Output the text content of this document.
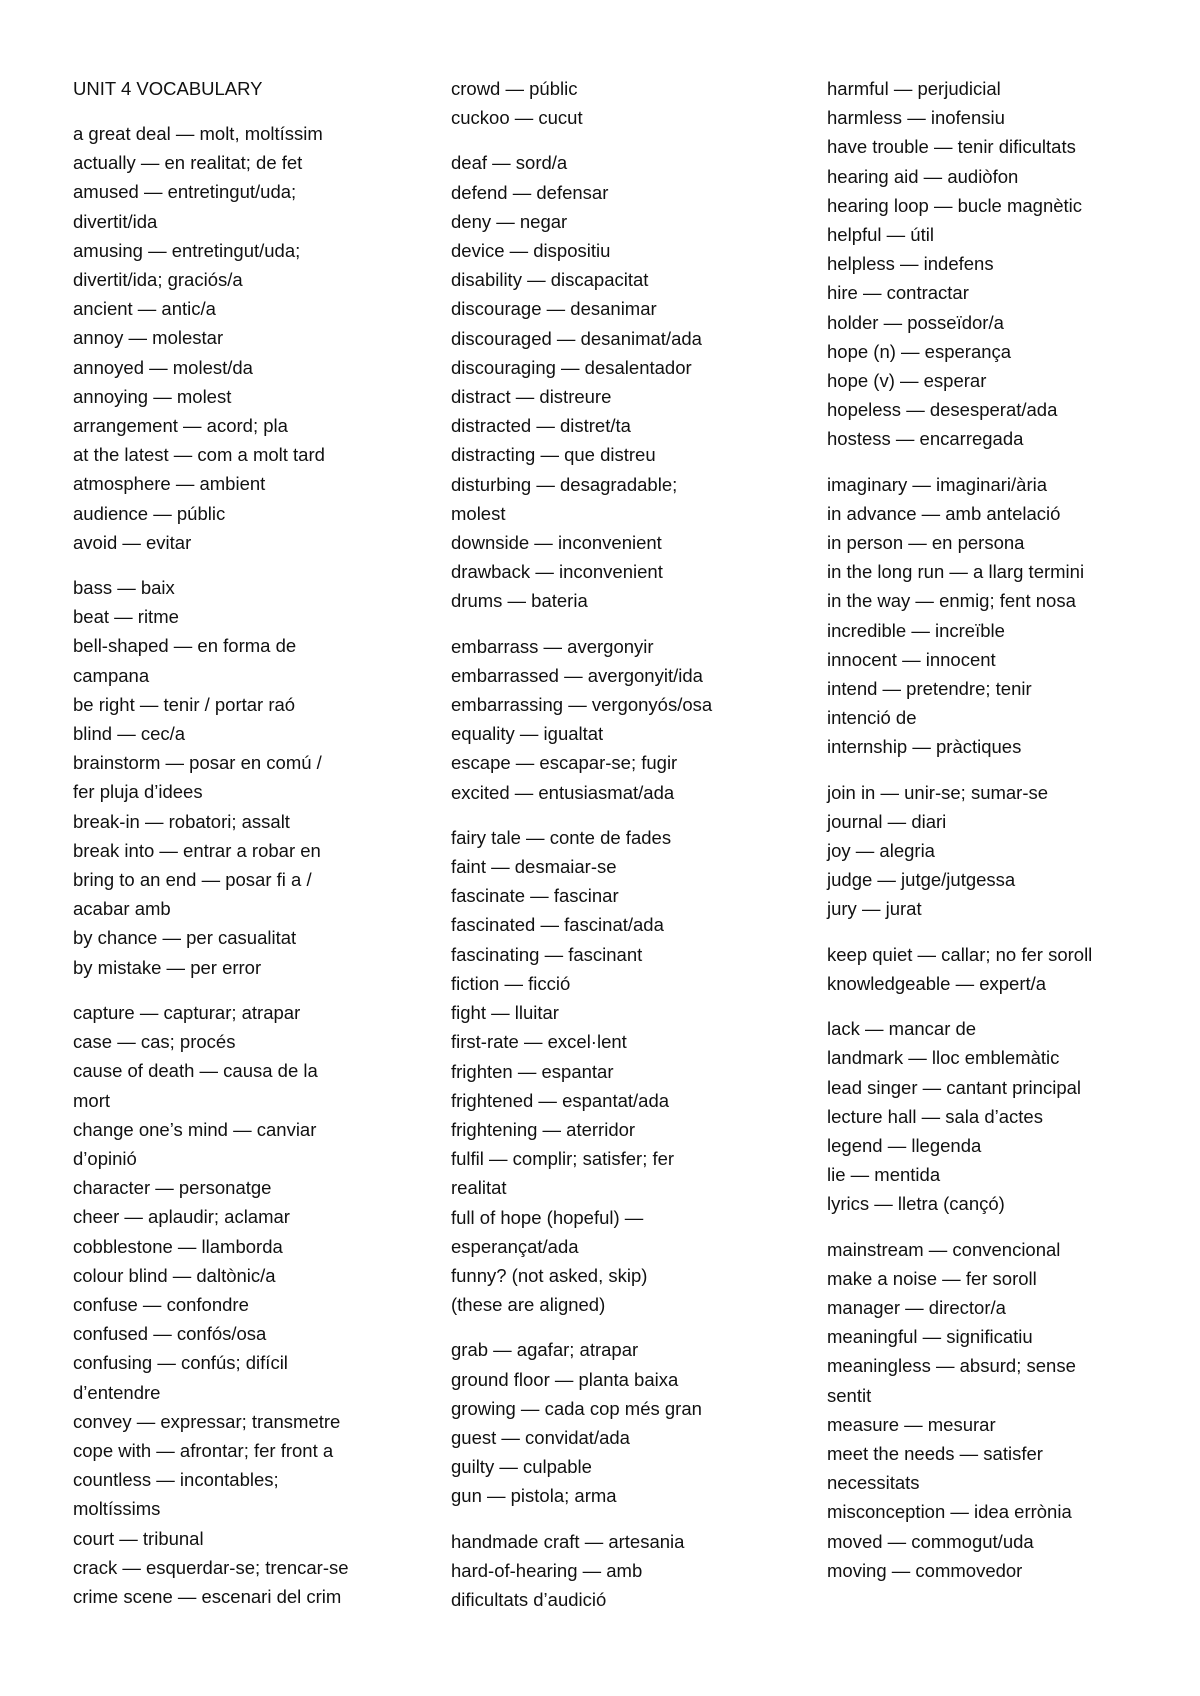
UNIT 4 VOCABULARY
a great deal — molt, moltíssim
actually — en realitat; de fet
amused — entretingut/uda;
divertit/ida
amusing — entretingut/uda;
divertit/ida; graciós/a
ancient — antic/a
annoy — molestar
annoyed — molest/da
annoying — molest
arrangement — acord; pla
at the latest — com a molt tard
atmosphere — ambient
audience — públic
avoid — evitar
bass — baix
beat — ritme
bell-shaped — en forma de
campana
be right — tenir / portar raó
blind — cec/a
brainstorm — posar en comú /
fer pluja d’idees
break-in — robatori; assalt
break into — entrar a robar en
bring to an end — posar fi a /
acabar amb
by chance — per casualitat
by mistake — per error
capture — capturar; atrapar
case — cas; procés
cause of death — causa de la
mort
change one’s mind — canviar
d’opinió
character — personatge
cheer — aplaudir; aclamar
cobblestone — llamborda
colour blind — daltònic/a
confuse — confondre
confused — confós/osa
confusing — confús; difícil
d’entendre
convey — expressar; transmetre
cope with — afrontar; fer front a
countless — incontables;
moltíssims
court — tribunal
crack — esquerdar-se; trencar-se
crime scene — escenari del crim
crowd — públic
cuckoo — cucut
deaf — sord/a
defend — defensar
deny — negar
device — dispositiu
disability — discapacitat
discourage — desanimar
discouraged — desanimat/ada
discouraging — desalentador
distract — distreure
distracted — distret/ta
distracting — que distreu
disturbing — desagradable;
molest
downside — inconvenient
drawback — inconvenient
drums — bateria
embarrass — avergonyir
embarrassed — avergonyit/ida
embarrassing — vergonyós/osa
equality — igualtat
escape — escapar-se; fugir
excited — entusiasmat/ada
fairy tale — conte de fades
faint — desmaiar-se
fascinate — fascinar
fascinated — fascinat/ada
fascinating — fascinant
fiction — ficció
fight — lluitar
first-rate — excel·lent
frighten — espantar
frightened — espantat/ada
frightening — aterridor
fulfil — complir; satisfer; fer
realitat
full of hope (hopeful) —
esperançat/ada
funny? (not asked, skip)
(these are aligned)
grab — agafar; atrapar
ground floor — planta baixa
growing — cada cop més gran
guest — convidat/ada
guilty — culpable
gun — pistola; arma
handmade craft — artesania
hard-of-hearing — amb
dificultats d’audició
harmful — perjudicial
harmless — inofensiu
have trouble — tenir dificultats
hearing aid — audiòfon
hearing loop — bucle magnètic
helpful — útil
helpless — indefens
hire — contractar
holder — posseïdor/a
hope (n) — esperança
hope (v) — esperar
hopeless — desesperat/ada
hostess — encarregada
imaginary — imaginari/ària
in advance — amb antelació
in person — en persona
in the long run — a llarg termini
in the way — enmig; fent nosa
incredible — increïble
innocent — innocent
intend — pretendre; tenir
intenció de
internship — pràctiques
join in — unir-se; sumar-se
journal — diari
joy — alegria
judge — jutge/jutgessa
jury — jurat
keep quiet — callar; no fer soroll
knowledgeable — expert/a
lack — mancar de
landmark — lloc emblemàtic
lead singer — cantant principal
lecture hall — sala d’actes
legend — llegenda
lie — mentida
lyrics — lletra (cançó)
mainstream — convencional
make a noise — fer soroll
manager — director/a
meaningful — significatiu
meaningless — absurd; sense
sentit
measure — mesurar
meet the needs — satisfer
necessitats
misconception — idea errònia
moved — commogut/uda
moving — commovedor
